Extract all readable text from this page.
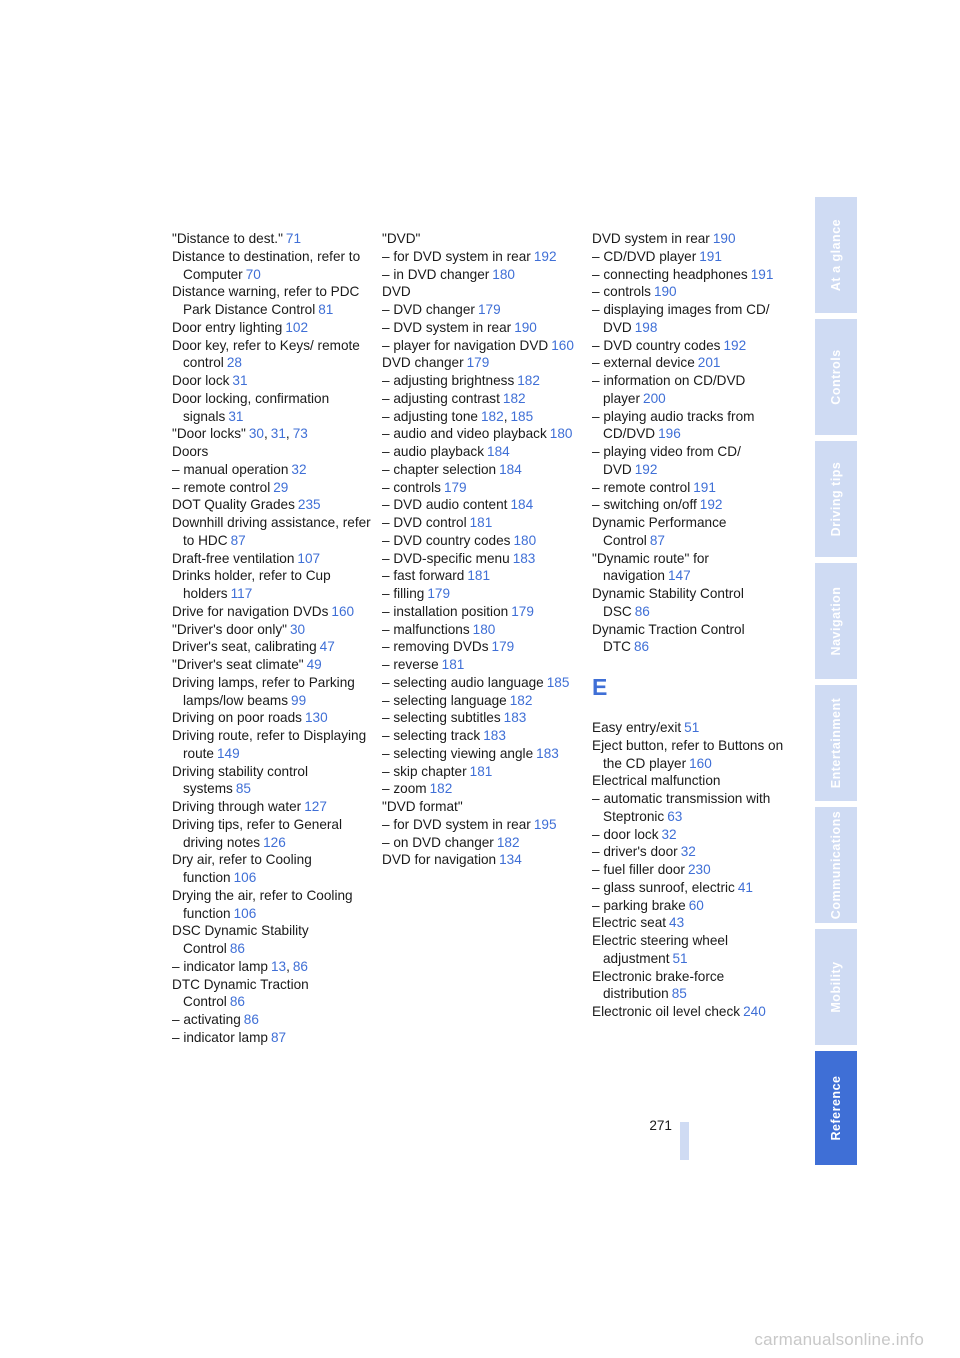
"Distance to dest." 71
Distance to destination, refer to Computer 70
Distance warning, refer to PDC Park Distance Control 81
Door entry lighting 102
Door key, refer to Keys/ remote control 28
Door lock 31
Door locking, confirmation signals 31
"Door locks" 30, 31, 73
Doors
– manual operation 32
– remote control 29
DOT Quality Grades 235
Downhill driving assistance, refer to HDC 87
Draft-free ventilation 107
Drinks holder, refer to Cup holders 117
Drive for navigation DVDs 160
"Driver's door only" 30
Driver's seat, calibrating 47
"Driver's seat climate" 49
Driving lamps, refer to Parking lamps/low beams 99
Driving on poor roads 130
Driving route, refer to Displaying route 149
Driving stability control systems 85
Driving through water 127
Driving tips, refer to General driving notes 126
Dry air, refer to Cooling function 106
Drying the air, refer to Cooling function 106
DSC Dynamic Stability Control 86
– indicator lamp 13, 86
DTC Dynamic Traction Control 86
– activating 86
– indicator lamp 87
"DVD"
– for DVD system in rear 192
– in DVD changer 180
DVD
– DVD changer 179
– DVD system in rear 190
– player for navigation DVD 160
DVD changer 179
– adjusting brightness 182
– adjusting contrast 182
– adjusting tone 182, 185
– audio and video playback 180
– audio playback 184
– chapter selection 184
– controls 179
– DVD audio content 184
– DVD control 181
– DVD country codes 180
– DVD-specific menu 183
– fast forward 181
– filling 179
– installation position 179
– malfunctions 180
– removing DVDs 179
– reverse 181
– selecting audio language 185
– selecting language 182
– selecting subtitles 183
– selecting track 183
– selecting viewing angle 183
– skip chapter 181
– zoom 182
"DVD format"
– for DVD system in rear 195
– on DVD changer 182
DVD for navigation 134
DVD system in rear 190
– CD/DVD player 191
– connecting headphones 191
– controls 190
– displaying images from CD/ DVD 198
– DVD country codes 192
– external device 201
– information on CD/DVD player 200
– playing audio tracks from CD/DVD 196
– playing video from CD/ DVD 192
– remote control 191
– switching on/off 192
Dynamic Performance Control 87
"Dynamic route" for navigation 147
Dynamic Stability Control DSC 86
Dynamic Traction Control DTC 86
E
Easy entry/exit 51
Eject button, refer to Buttons on the CD player 160
Electrical malfunction
– automatic transmission with Steptronic 63
– door lock 32
– driver's door 32
– fuel filler door 230
– glass sunroof, electric 41
– parking brake 60
Electric seat 43
Electric steering wheel adjustment 51
Electronic brake-force distribution 85
Electronic oil level check 240
At a glance
Controls
Driving tips
Navigation
Entertainment
Communications
Mobility
Reference
271
carmanualsonline.info
